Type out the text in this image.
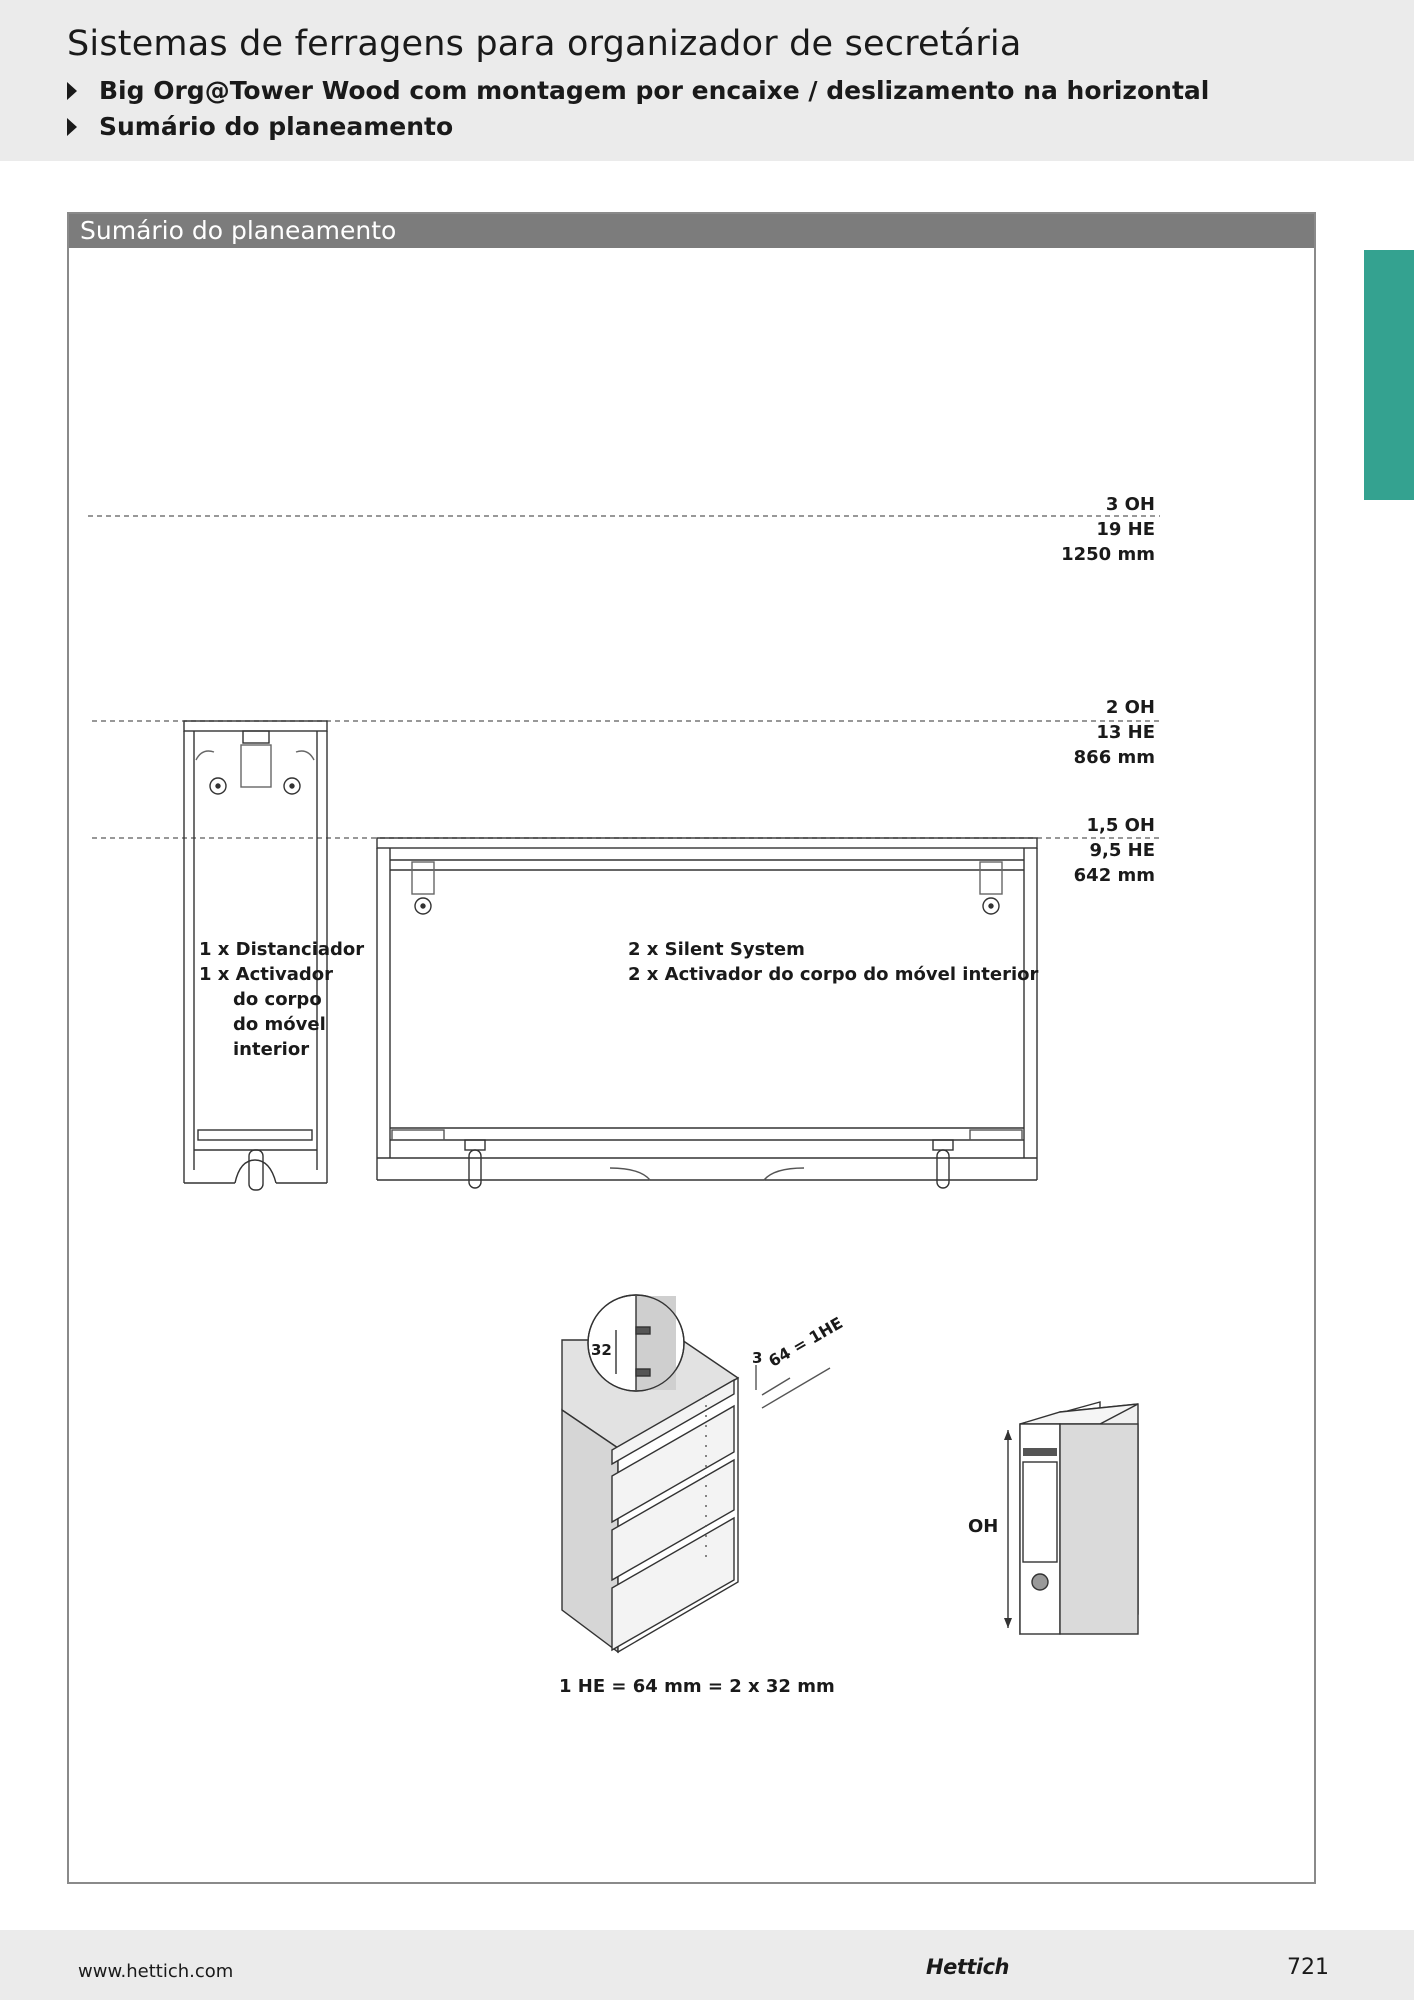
Sistemas de ferragens para organizador de secretária
Big Org@Tower Wood com montagem por encaixe / deslizamento na horizontal
Sumário do planeamento
Sumário do planeamento
3 OH
19 HE
1250 mm
2 OH
13 HE
866 mm
1,5 OH
9,5 HE
642 mm
1 x Distanciador
1 x Activador
do corpo
do móvel
interior
2 x Silent System
2 x Activador do corpo do móvel interior
32	3 64 = 1HE
OH
1 HE = 64 mm = 2 x 32 mm
www.hettich.com	Hettich	721
